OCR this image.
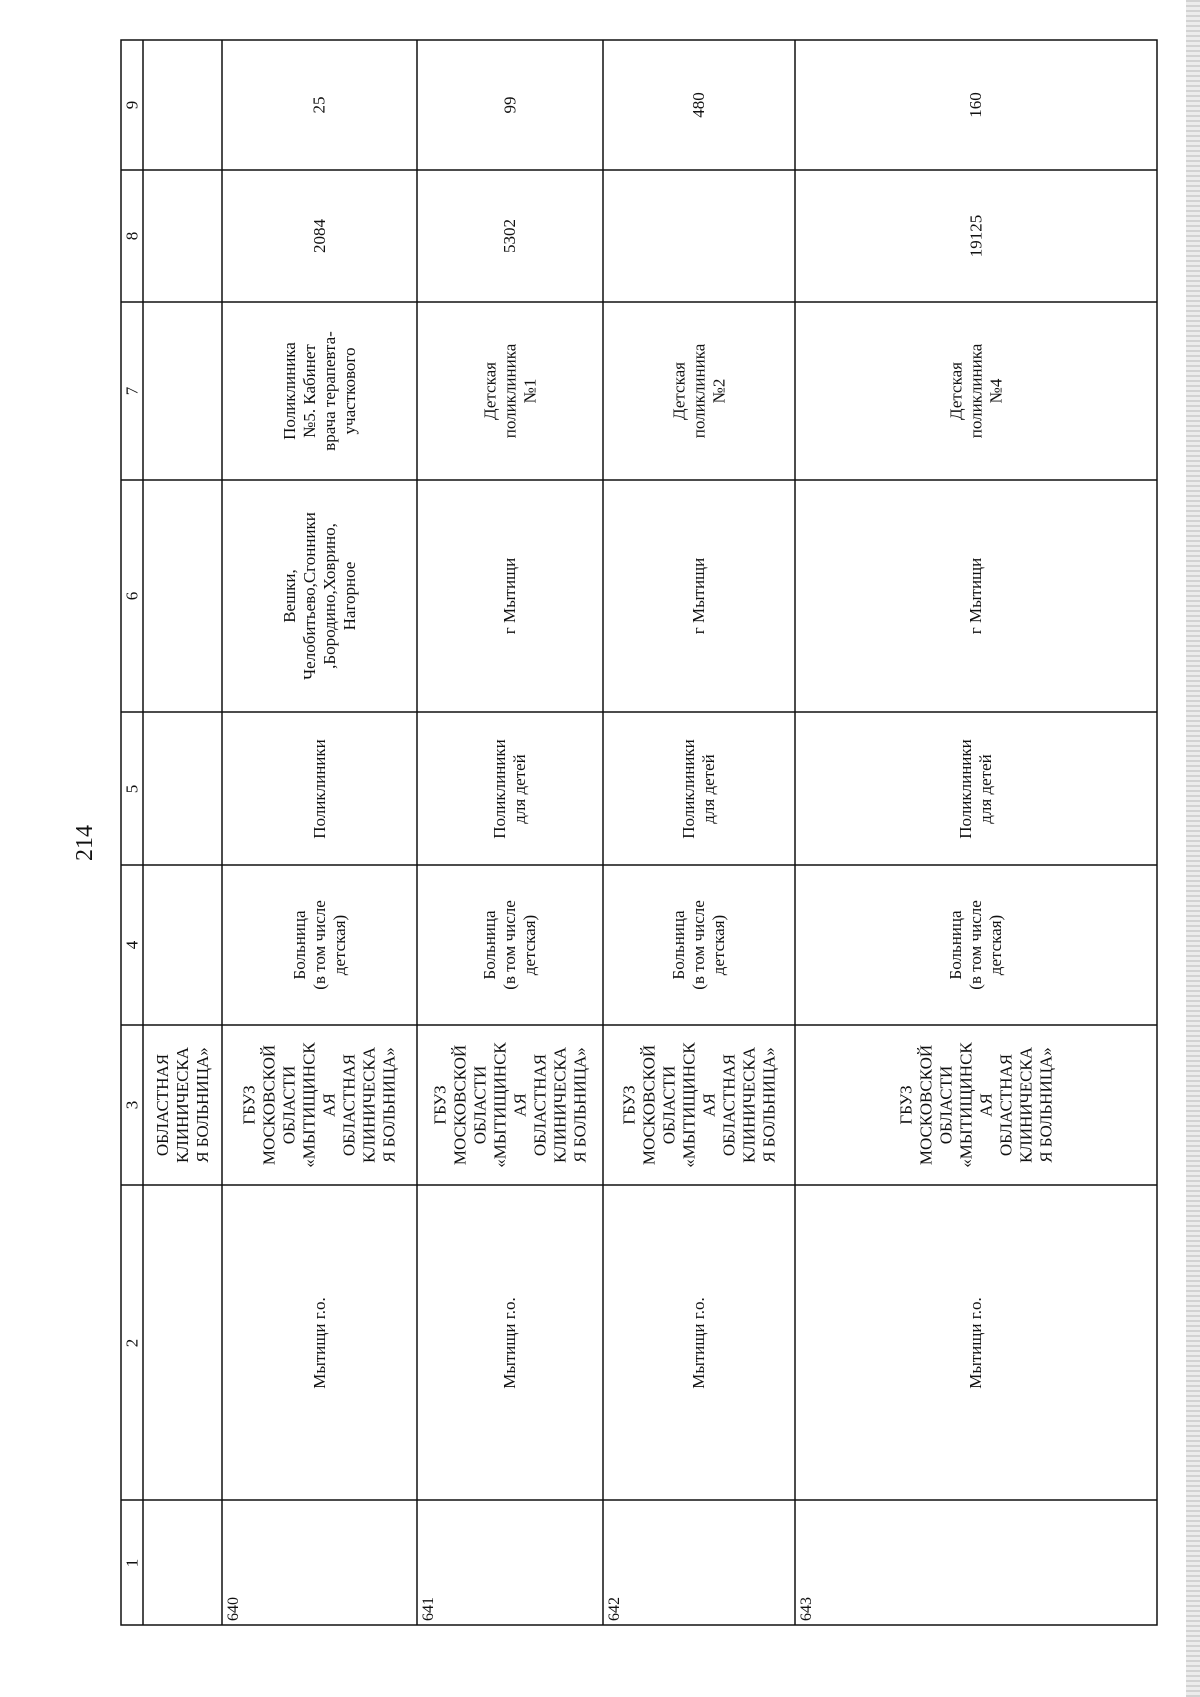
214
1
2
3
4
5
6
7
8
9
ОБЛАСТНАЯ
КЛИНИЧЕСКА
Я БОЛЬНИЦА»
640
Мытищи г.о.
ГБУЗ
МОСКОВСКОЙ
ОБЛАСТИ
«МЫТИЩИНСК
АЯ
ОБЛАСТНАЯ
КЛИНИЧЕСКА
Я БОЛЬНИЦА»
Больница
(в том числе
детская)
Поликлиники
Вешки,
Челобитьево,Сгонники
,Бородино,Ховрино,
Нагорное
Поликлиника
№5. Кабинет
врача терапевта-
участкового
2084
25
641
Мытищи г.о.
ГБУЗ
МОСКОВСКОЙ
ОБЛАСТИ
«МЫТИЩИНСК
АЯ
ОБЛАСТНАЯ
КЛИНИЧЕСКА
Я БОЛЬНИЦА»
Больница
(в том числе
детская)
Поликлиники
для детей
г Мытищи
Детская
поликлиника
№1
5302
99
642
Мытищи г.о.
ГБУЗ
МОСКОВСКОЙ
ОБЛАСТИ
«МЫТИЩИНСК
АЯ
ОБЛАСТНАЯ
КЛИНИЧЕСКА
Я БОЛЬНИЦА»
Больница
(в том числе
детская)
Поликлиники
для детей
г Мытищи
Детская
поликлиника
№2
480
643
Мытищи г.о.
ГБУЗ
МОСКОВСКОЙ
ОБЛАСТИ
«МЫТИЩИНСК
АЯ
ОБЛАСТНАЯ
КЛИНИЧЕСКА
Я БОЛЬНИЦА»
Больница
(в том числе
детская)
Поликлиники
для детей
г Мытищи
Детская
поликлиника
№4
19125
160
